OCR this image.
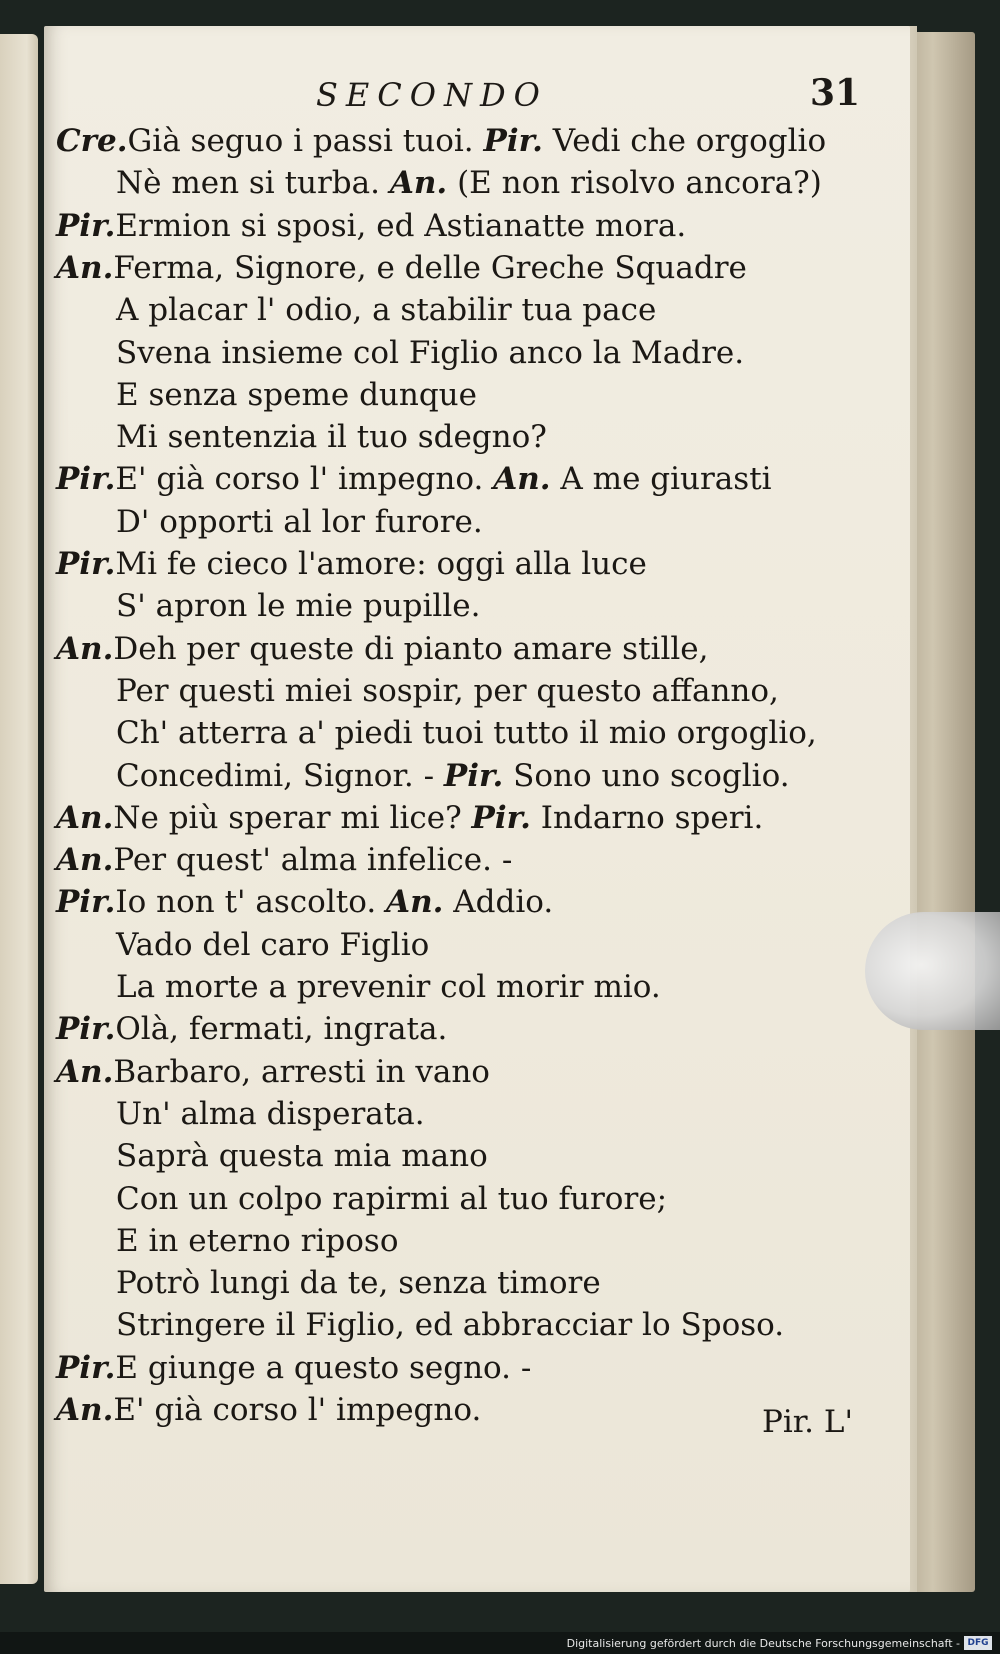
SECONDO	31
Cre.Già seguo i passi tuoi. Pir. Vedi che orgoglio
Nè men si turba. An. (E non risolvo ancora?)
Pir.Ermion si sposi, ed Astianatte mora.
An.Ferma, Signore, e delle Greche Squadre
A placar l' odio, a stabilir tua pace
Svena insieme col Figlio anco la Madre.
E senza speme dunque
Mi sentenzia il tuo sdegno?
Pir.E' già corso l' impegno. An. A me giurasti
D' opporti al lor furore.
Pir.Mi fe cieco l'amore: oggi alla luce
S' apron le mie pupille.
An.Deh per queste di pianto amare stille,
Per questi miei sospir, per questo affanno,
Ch' atterra a' piedi tuoi tutto il mio orgoglio,
Concedimi, Signor. - Pir. Sono uno scoglio.
An.Ne più sperar mi lice? Pir. Indarno speri.
An.Per quest' alma infelice. -
Pir.Io non t' ascolto. An. Addio.
Vado del caro Figlio
La morte a prevenir col morir mio.
Pir.Olà, fermati, ingrata.
An.Barbaro, arresti in vano
Un' alma disperata.
Saprà questa mia mano
Con un colpo rapirmi al tuo furore;
E in eterno riposo
Potrò lungi da te, senza timore
Stringere il Figlio, ed abbracciar lo Sposo.
Pir.E giunge a questo segno. -
An.E' già corso l' impegno.	Pir. L'
Digitalisierung gefördert durch die Deutsche Forschungsgemeinschaft - DFG
